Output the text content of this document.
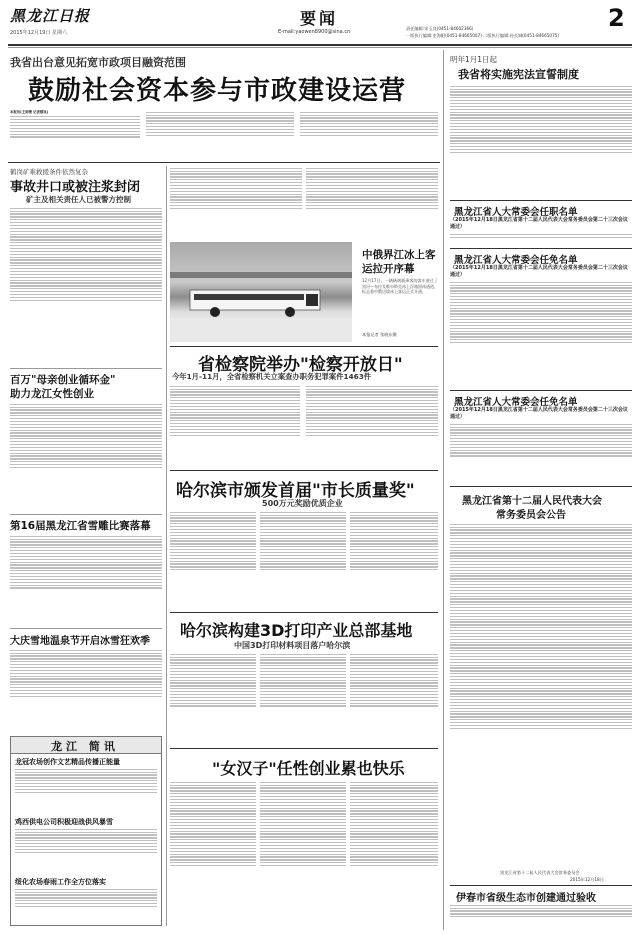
黑龙江日报
2015年12月19日 星期六
要闻
E-mail:yaowen8900@sina.cn
责任编辑:宋玉良(0451-84602366)
一版执行编辑:史海阳(0451-84665007) 二版执行编辑:孙长城(0451-84665075)
2
我省出台意见拓宽市政项目融资范围
鼓励社会资本参与市政建设运营
本报讯(王雨楼 记者蔡岚)
鹤岗矿难救援条件依然复杂
事故井口或被注浆封闭
矿主及相关责任人已被警方控制
百万"母亲创业循环金"
助力龙江女性创业
第16届黑龙江省雪雕比赛落幕
大庆雪地温泉节开启冰雪狂欢季
龙江 简讯
龙冠农场创作文艺精品传播正能量
鸡西供电公司积极迎战供风暴雪
绥化农场春雨工作全方位落实
中俄界江冰上客运拉开序幕
12月17日，一辆辆满载乘客的客车驶过了黑河—布拉戈维申斯克冰上浮箱固冰通道，标志着中俄边境冰上客运正式开通。
本报记者 张晓东摄
省检察院举办"检察开放日"
今年1月-11月，全省检察机关立案查办职务犯罪案件1463件
哈尔滨市颁发首届"市长质量奖"
500万元奖励优质企业
哈尔滨构建3D打印产业总部基地
中国3D打印材料项目落户哈尔滨
"女汉子"任性创业累也快乐
明年1月1日起
我省将实施宪法宣誓制度
黑龙江省人大常委会任职名单
（2015年12月18日黑龙江省第十二届人民代表大会常务委员会第二十三次会议通过）
黑龙江省人大常委会任免名单
（2015年12月18日黑龙江省第十二届人民代表大会常务委员会第二十三次会议通过）
黑龙江省人大常委会任免名单
（2015年12月18日黑龙江省第十二届人民代表大会常务委员会第二十三次会议通过）
黑龙江省第十二届人民代表大会
常务委员会公告
黑龙江省第十二届人民代表大会常务委员会
2015年12月18日
伊春市省级生态市创建通过验收
